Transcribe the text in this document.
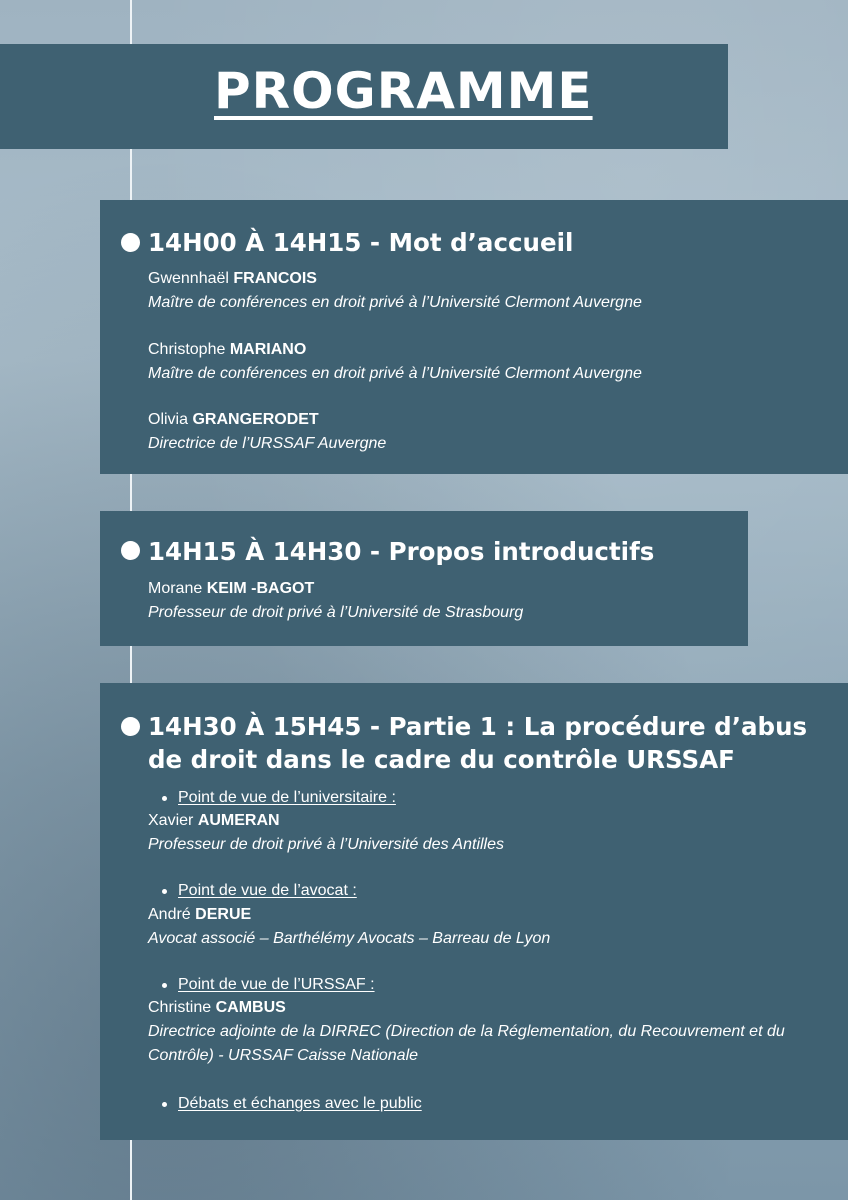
PROGRAMME
14H00 À 14H15 - Mot d’accueil
Gwennhaël FRANCOIS
Maître de conférences en droit privé à l’Université Clermont Auvergne
Christophe MARIANO
Maître de conférences en droit privé à l’Université Clermont Auvergne
Olivia GRANGERODET
Directrice de l’URSSAF Auvergne
14H15 À 14H30 - Propos introductifs
Morane KEIM -BAGOT
Professeur de droit privé à l’Université de Strasbourg
14H30 À 15H45 - Partie 1 : La procédure d’abus de droit dans le cadre du contrôle URSSAF
Point de vue de l’universitaire :
Xavier AUMERAN
Professeur de droit privé à l’Université des Antilles
Point de vue de l’avocat :
André DERUE
Avocat associé – Barthélémy Avocats – Barreau de Lyon
Point de vue de l’URSSAF :
Christine CAMBUS
Directrice adjointe de la DIRREC (Direction de la Réglementation, du Recouvrement et du Contrôle) - URSSAF Caisse Nationale
Débats et échanges avec le public
